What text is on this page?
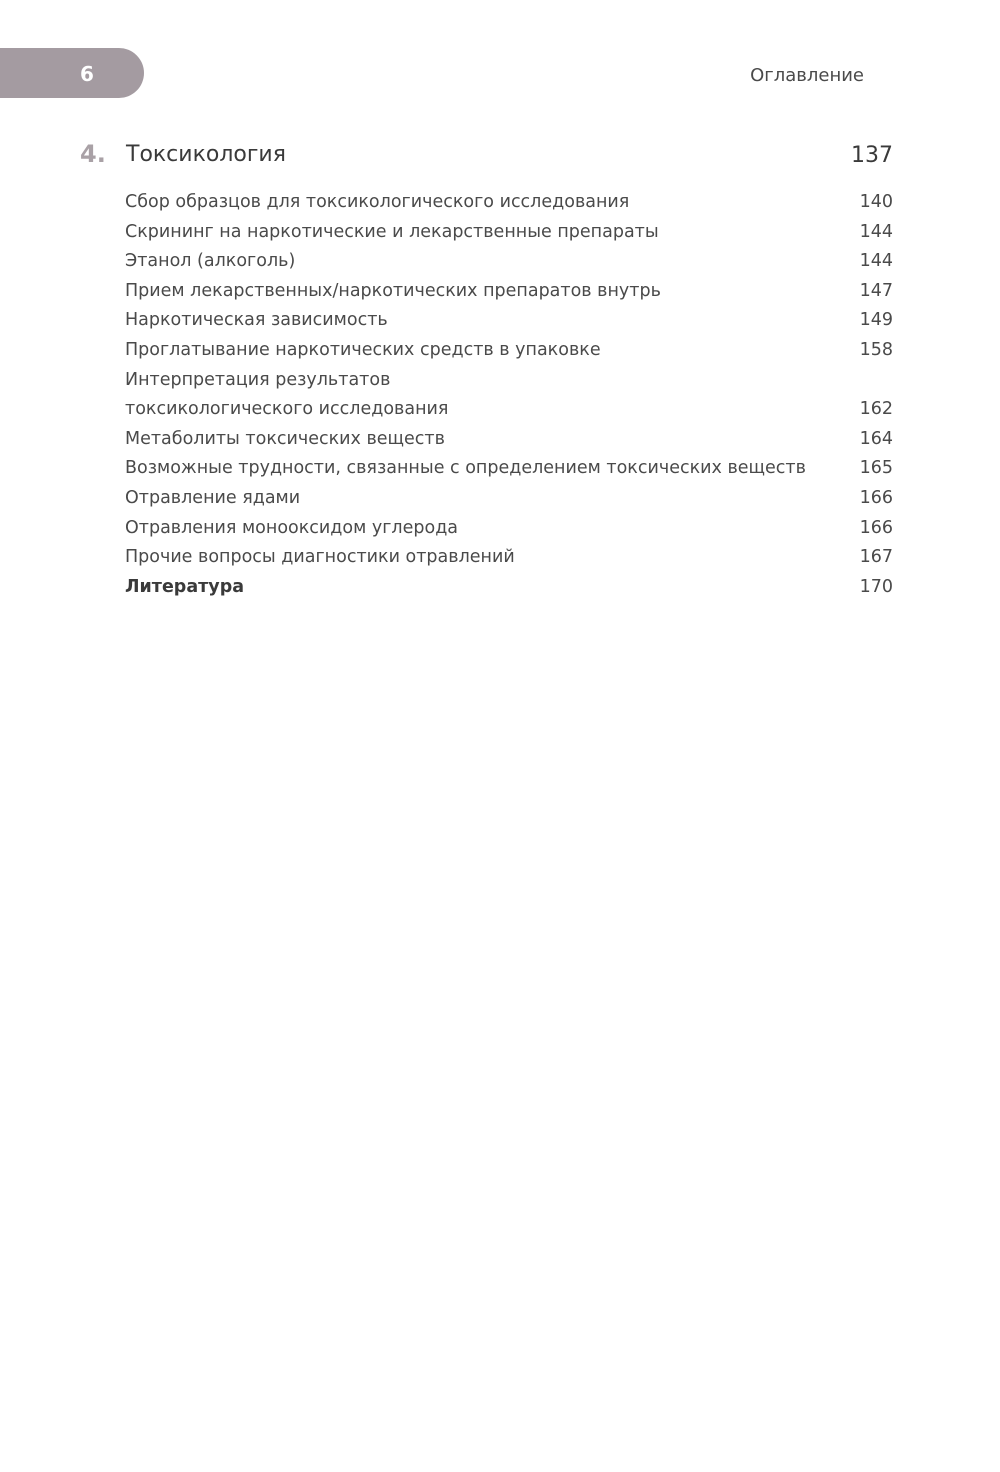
6	Оглавление
4. Токсикология	137
Сбор образцов для токсикологического исследования	140
Скрининг на наркотические и лекарственные препараты	144
Этанол (алкоголь)	144
Прием лекарственных/наркотических препаратов внутрь	147
Наркотическая зависимость	149
Проглатывание наркотических средств в упаковке	158
Интерпретация результатов
токсикологического исследования	162
Метаболиты токсических веществ	164
Возможные трудности, связанные с определением токсических веществ	165
Отравление ядами	166
Отравления монооксидом углерода	166
Прочие вопросы диагностики отравлений	167
Литература	170
